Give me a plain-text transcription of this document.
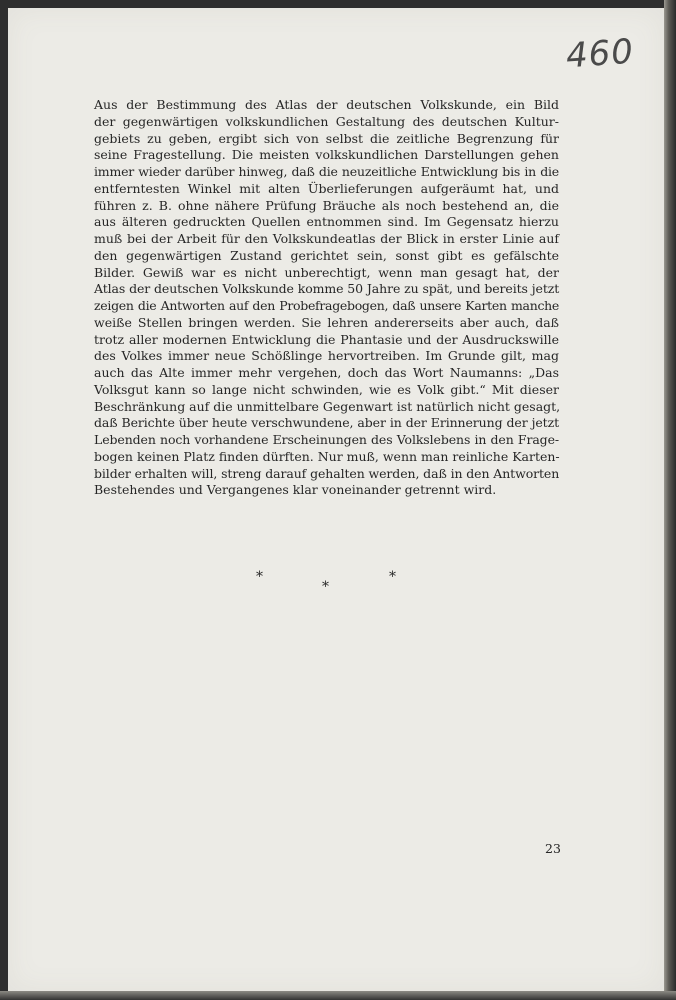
460

Aus der Bestimmung des Atlas der deutschen Volkskunde, ein Bild
der gegenwärtigen volkskundlichen Gestaltung des deutschen Kultur-
gebiets zu geben, ergibt sich von selbst die zeitliche Begrenzung für
seine Fragestellung. Die meisten volkskundlichen Darstellungen gehen
immer wieder darüber hinweg, daß die neuzeitliche Entwicklung bis in die
entferntesten Winkel mit alten Überlieferungen aufgeräumt hat, und
führen z. B. ohne nähere Prüfung Bräuche als noch bestehend an, die
aus älteren gedruckten Quellen entnommen sind. Im Gegensatz hierzu
muß bei der Arbeit für den Volkskundeatlas der Blick in erster Linie auf
den gegenwärtigen Zustand gerichtet sein, sonst gibt es gefälschte
Bilder. Gewiß war es nicht unberechtigt, wenn man gesagt hat, der
Atlas der deutschen Volkskunde komme 50 Jahre zu spät, und bereits jetzt
zeigen die Antworten auf den Probefragebogen, daß unsere Karten manche
weiße Stellen bringen werden. Sie lehren andererseits aber auch, daß
trotz aller modernen Entwicklung die Phantasie und der Ausdruckswille
des Volkes immer neue Schößlinge hervortreiben. Im Grunde gilt, mag
auch das Alte immer mehr vergehen, doch das Wort Naumanns: „Das
Volksgut kann so lange nicht schwinden, wie es Volk gibt.“ Mit dieser
Beschränkung auf die unmittelbare Gegenwart ist natürlich nicht gesagt,
daß Berichte über heute verschwundene, aber in der Erinnerung der jetzt
Lebenden noch vorhandene Erscheinungen des Volkslebens in den Frage-
bogen keinen Platz finden dürften. Nur muß, wenn man reinliche Karten-
bilder erhalten will, streng darauf gehalten werden, daß in den Antworten
Bestehendes und Vergangenes klar voneinander getrennt wird.

*

*

*

23
